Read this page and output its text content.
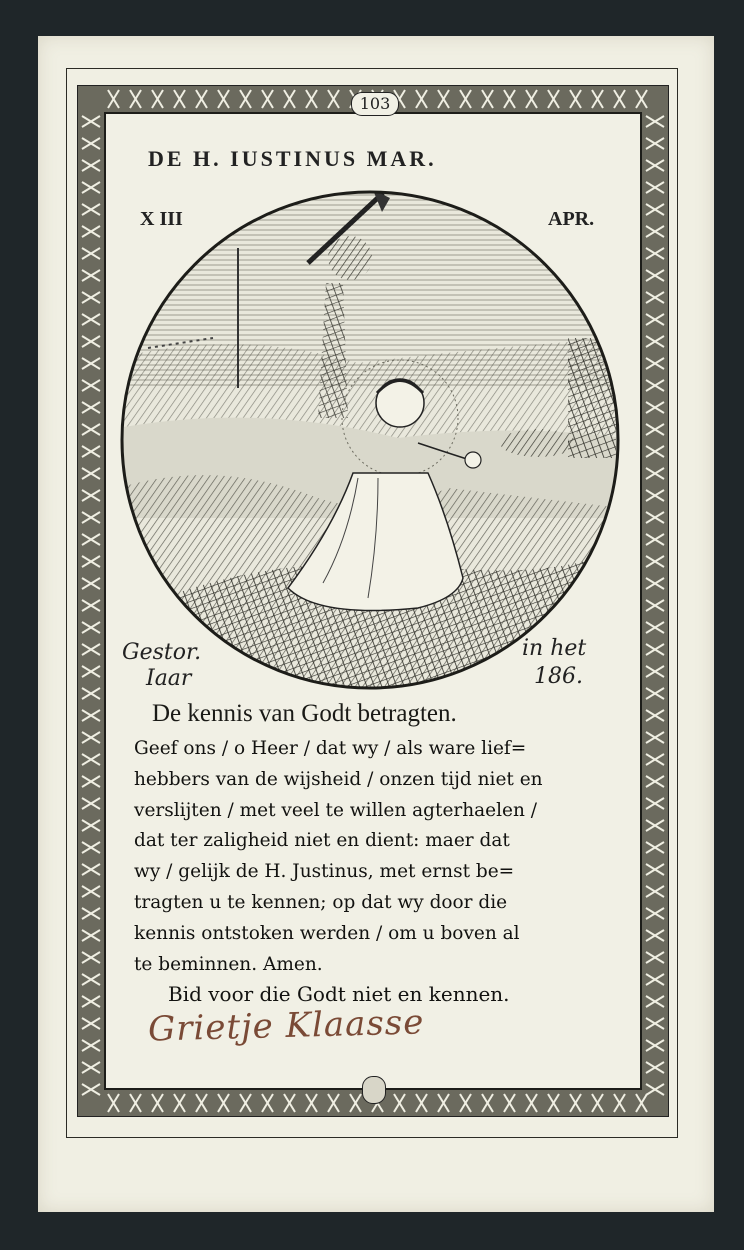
103
DE H. IUSTINUS MAR.
X III	APR.
Gestor.	in het
Iaar	186.
De kennis van Godt betragten.
Geef ons / o Heer / dat wy / als ware lief=
hebbers van de wijsheid / onzen tijd niet en
verslijten / met veel te willen agterhaelen /
dat ter zaligheid niet en dient: maer dat
wy / gelijk de H. Justinus, met ernst be=
tragten u te kennen; op dat wy door die
kennis ontstoken werden / om u boven al
te beminnen. Amen.
Bid voor die Godt niet en kennen.
Grietje Klaasse
